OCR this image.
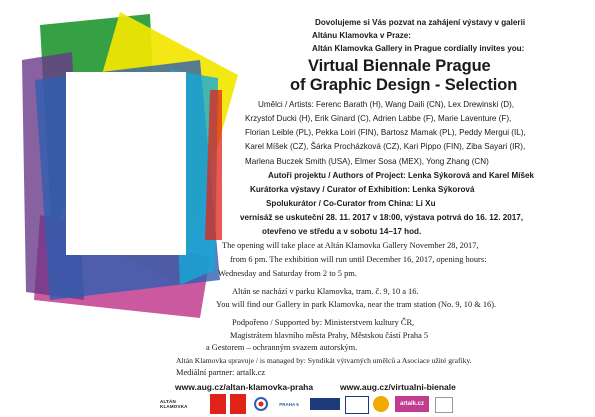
Dovolujeme si Vás pozvat na zahájení výstavy v galerii
Altánu Klamovka v Praze:
Altán Klamovka Gallery in Prague cordially invites you:
Virtual Biennale Prague
of Graphic Design - Selection
Umělci / Artists: Ferenc Barath (H), Wang Daili (CN), Lex Drewinski (D),
Krzystof Ducki (H), Erik Ginard (C), Adrien Labbe (F), Marie Laventure (F),
Florian Leible (PL), Pekka Loiri (FIN), Bartosz Mamak (PL), Peddy Mergui (IL),
Karel Míšek (CZ), Šárka Procházková (CZ), Kari Pippo (FIN), Ziba Sayari (IR),
Marlena Buczek Smith (USA), Elmer Sosa (MEX), Yong Zhang (CN)
Autoři projektu / Authors of Project: Lenka Sýkorová and Karel Míšek
Kurátorka výstavy / Curator of Exhibition: Lenka Sýkorová
Spolukurátor / Co-Curator from China: Li Xu
vernisáž se uskuteční 28. 11. 2017 v 18:00, výstava potrvá do 16. 12. 2017,
otevřeno ve středu a v sobotu 14–17 hod.
The opening will take place at Altán Klamovka Gallery November 28, 2017,
from 6 pm. The exhibition will run until December 16, 2017, opening hours:
Wednesday and Saturday from 2 to 5 pm.
Altán se nachází v parku Klamovka, tram. č. 9, 10 a 16.
You will find our Gallery in park Klamovka, near the tram station (No. 9, 10 & 16).
Podpořeno / Supported by: Ministerstvem kultury ČR,
Magistrátem hlavního města Prahy, Městskou částí Praha 5
a Gestorem – ochranným svazem autorským.
Altán Klamovka spravuje / is managed by: Syndikát výtvarných umělců a Asociace užité grafiky.
Mediální partner: artalk.cz
www.aug.cz/altan-klamovka-praha	www.aug.cz/virtualni-bienale
ALTÁN KLAMOVKA	PRAHA 5	artalk.cz
